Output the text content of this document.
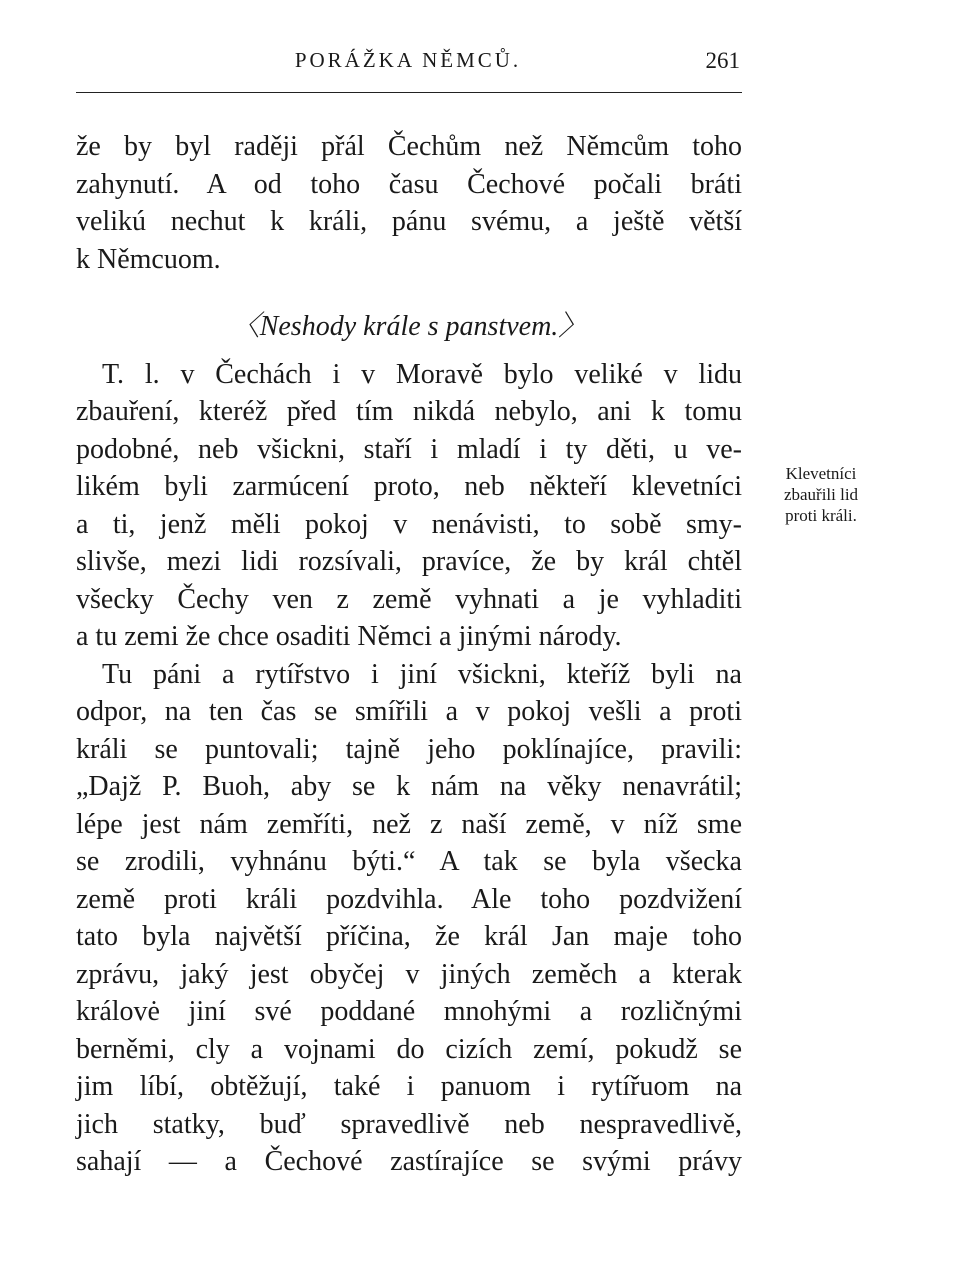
PORÁŽKA NĚMCŮ.	261
že by byl raději přál Čechům než Němcům toho
zahynutí. A od toho času Čechové počali bráti
velikú nechut k králi, pánu svému, a ještě větší
k Němcuom.
〈Neshody krále s panstvem.〉
T. l. v Čechách i v Moravě bylo veliké v lidu
zbauření, kteréž před tím nikdá nebylo, ani k tomu
podobné, neb všickni, staří i mladí i ty děti, u ve-
likém byli zarmúcení proto, neb někteří klevetníci
a ti, jenž měli pokoj v nenávisti, to sobě smy-
slivše, mezi lidi rozsívali, pravíce, že by král chtěl
všecky Čechy ven z země vyhnati a je vyhladiti
a tu zemi že chce osaditi Němci a jinými národy.
Tu páni a rytířstvo i jiní všickni, kteříž byli na
odpor, na ten čas se smířili a v pokoj vešli a proti
králi se puntovali; tajně jeho poklínajíce, pravili:
„Dajž P. Buoh, aby se k nám na věky nenavrátil;
lépe jest nám zemříti, než z naší země, v níž sme
se zrodili, vyhnánu býti.“ A tak se byla všecka
země proti králi pozdvihla. Ale toho pozdvižení
tato byla najvětší příčina, že král Jan maje toho
zprávu, jaký jest obyčej v jiných zeměch a kterak
královė jiní své poddané mnohými a rozličnými
berněmi, cly a vojnami do cizích zemí, pokudž se
jim líbí, obtěžují, také i panuom i rytířuom na
jich statky, buď spravedlivě neb nespravedlivě,
sahají — a Čechové zastírajíce se svými právy
Klevetníci
zbauřili lid
proti králi.
